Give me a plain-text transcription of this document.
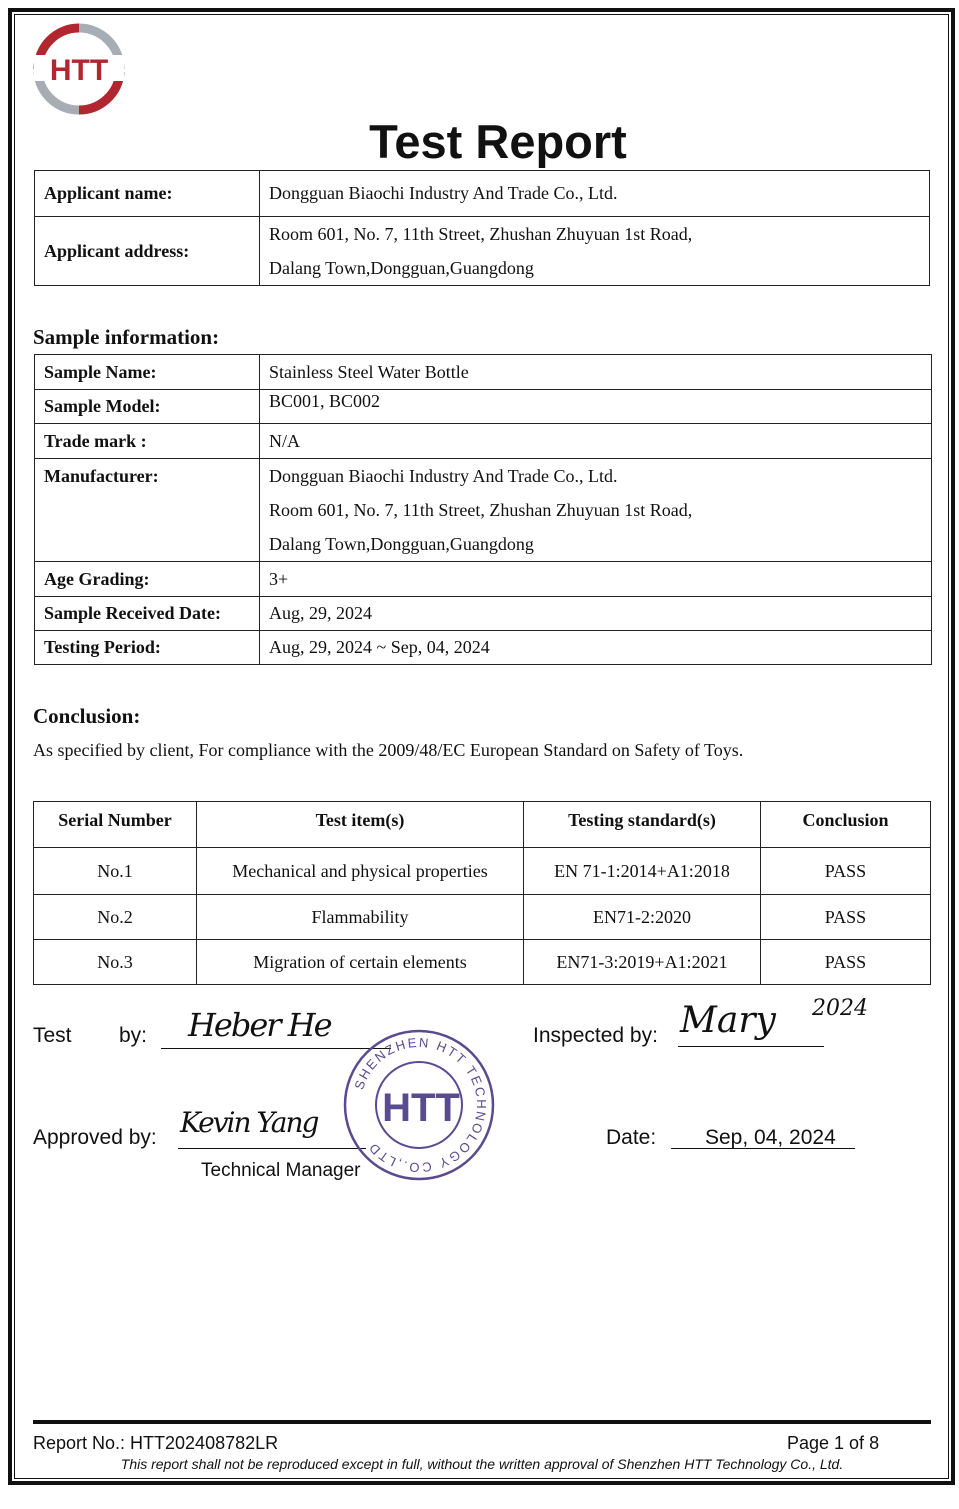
HTT
Test Report
Applicant name:	Dongguan Biaochi Industry And Trade Co., Ltd.
Applicant address:	Room 601, No. 7, 11th Street, Zhushan Zhuyuan 1st Road,
Dalang Town,Dongguan,Guangdong
Sample information:
Sample Name:	Stainless Steel Water Bottle
Sample Model:	BC001, BC002
Trade mark :	N/A
Manufacturer:	Dongguan Biaochi Industry And Trade Co., Ltd.
Room 601, No. 7, 11th Street, Zhushan Zhuyuan 1st Road,
Dalang Town,Dongguan,Guangdong

Age Grading:	3+
Sample Received Date:	Aug, 29, 2024
Testing Period:	Aug, 29, 2024 ~ Sep, 04, 2024
Conclusion:
As specified by client, For compliance with the 2009/48/EC European Standard on Safety of Toys.
Serial Number	Test item(s)	Testing standard(s)	Conclusion
No.1	Mechanical and physical properties	EN 71-1:2014+A1:2018	PASS
No.2	Flammability	EN71-2:2020	PASS
No.3	Migration of certain elements	EN71-3:2019+A1:2021	PASS
Test by: Heber He	Inspected by: Mary 2024
Approved by: Kevin Yang
Technical Manager
Date: Sep, 04, 2024
SHENZHEN HTT TECHNOLOGY CO.,LTD
HTT
Report No.: HTT202408782LR	Page 1 of 8
This report shall not be reproduced except in full, without the written approval of Shenzhen HTT Technology Co., Ltd.
